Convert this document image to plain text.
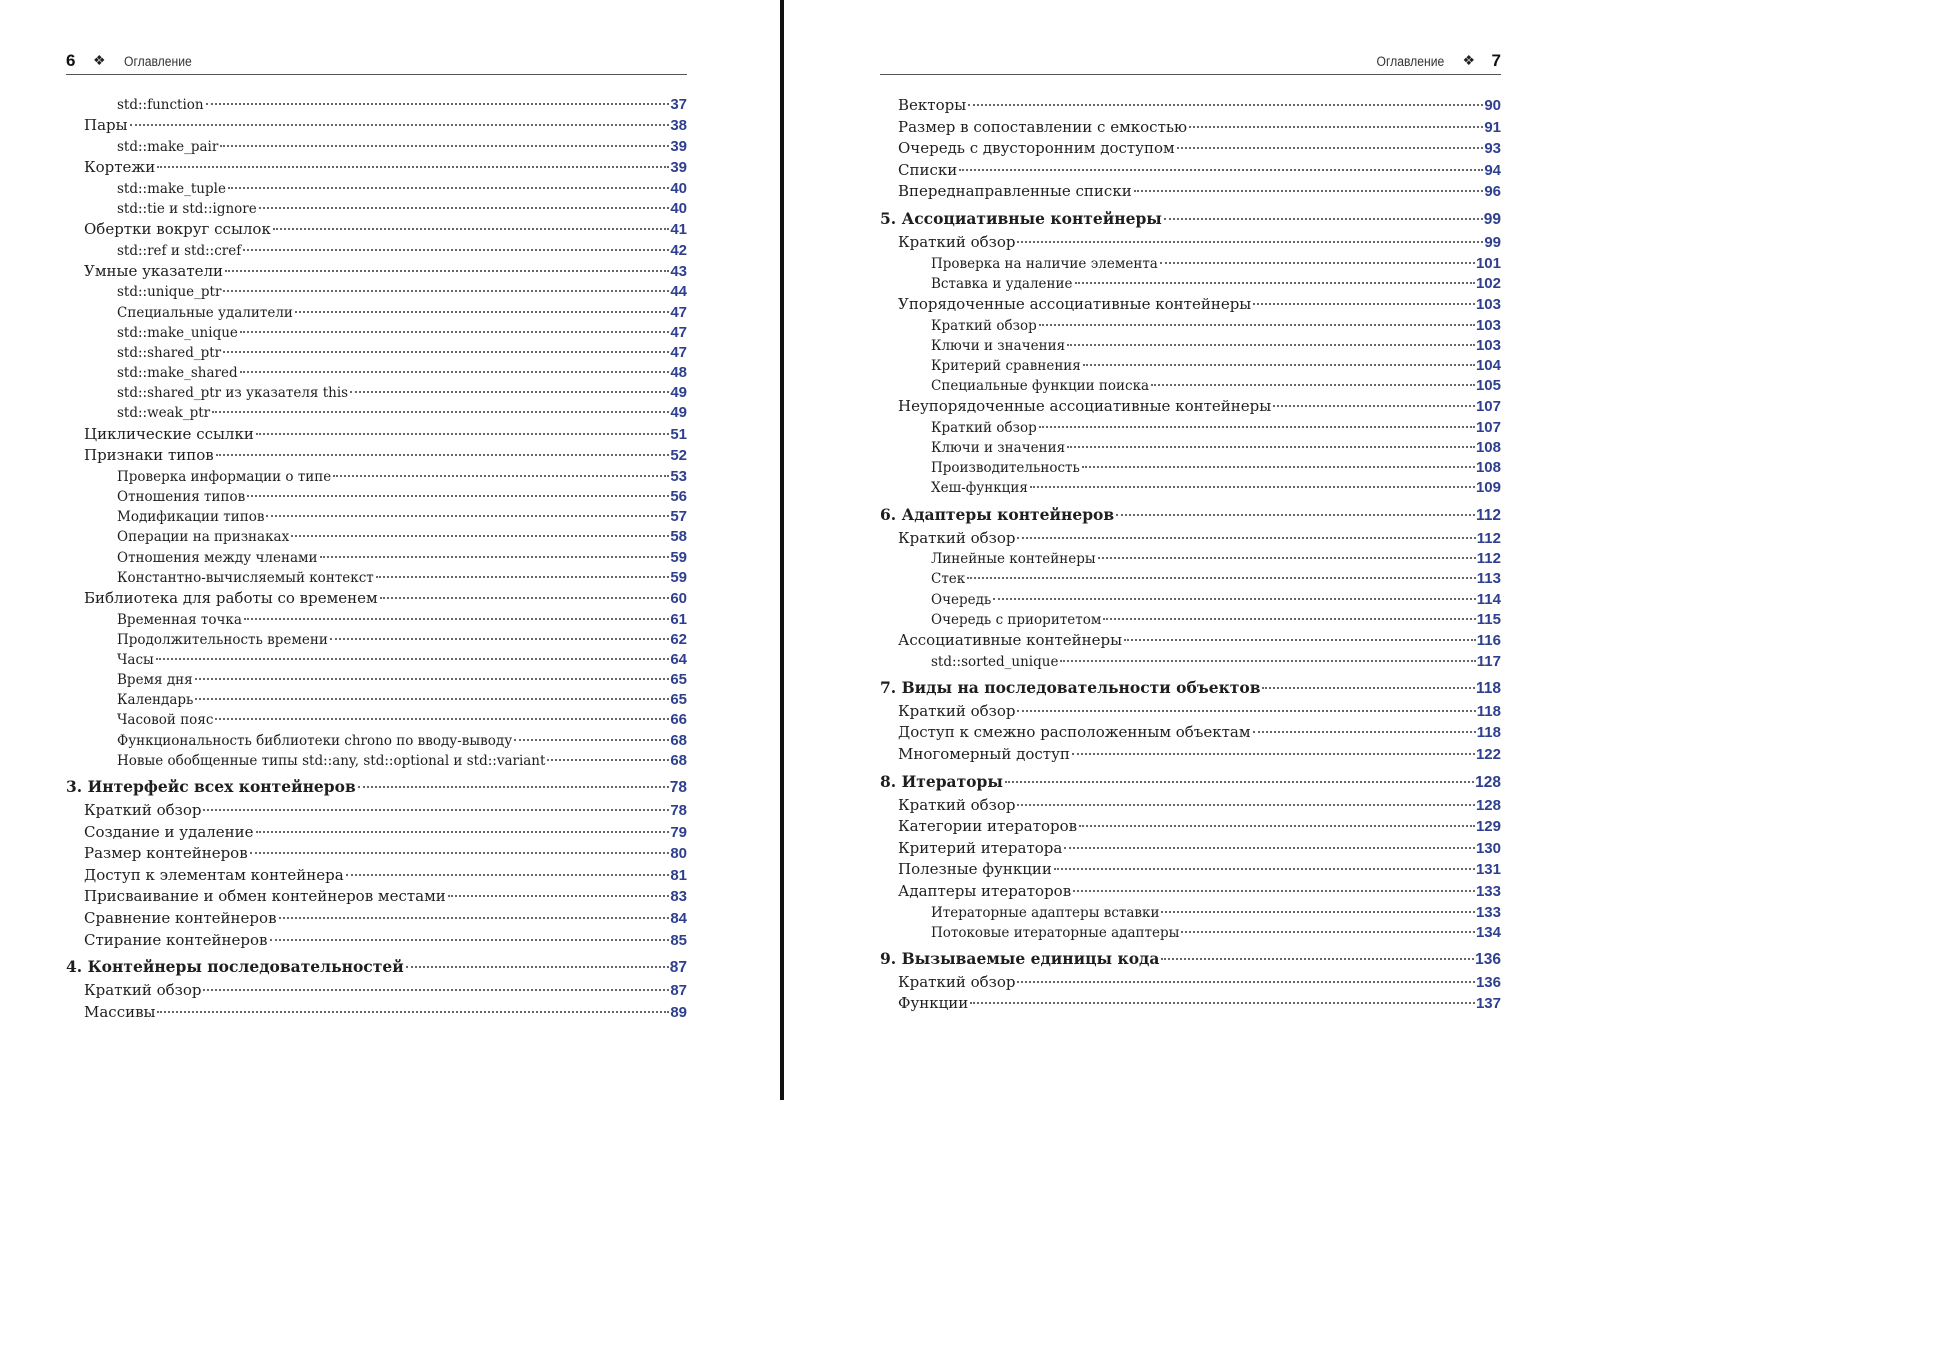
6 ❖ Оглавление
std::function	37
Пары	38
std::make_pair	39
Кортежи	39
std::make_tuple	40
std::tie и std::ignore	40
Обертки вокруг ссылок	41
std::ref и std::cref	42
Умные указатели	43
std::unique_ptr	44
Специальные удалители	47
std::make_unique	47
std::shared_ptr	47
std::make_shared	48
std::shared_ptr из указателя this	49
std::weak_ptr	49
Циклические ссылки	51
Признаки типов	52
Проверка информации о типе	53
Отношения типов	56
Модификации типов	57
Операции на признаках	58
Отношения между членами	59
Константно-вычисляемый контекст	59
Библиотека для работы со временем	60
Временная точка	61
Продолжительность времени	62
Часы	64
Время дня	65
Календарь	65
Часовой пояс	66
Функциональность библиотеки chrono по вводу-выводу	68
Новые обобщенные типы std::any, std::optional и std::variant	68
3. Интерфейс всех контейнеров	78
Краткий обзор	78
Создание и удаление	79
Размер контейнеров	80
Доступ к элементам контейнера	81
Присваивание и обмен контейнеров местами	83
Сравнение контейнеров	84
Стирание контейнеров	85
4. Контейнеры последовательностей	87
Краткий обзор	87
Массивы	89
7
❖
Оглавление
Векторы	90
Размер в сопоставлении с емкостью	91
Очередь с двусторонним доступом	93
Списки	94
Впереднаправленные списки	96
5. Ассоциативные контейнеры	99
Краткий обзор	99
Проверка на наличие элемента	101
Вставка и удаление	102
Упорядоченные ассоциативные контейнеры	103
Краткий обзор	103
Ключи и значения	103
Критерий сравнения	104
Специальные функции поиска	105
Неупорядоченные ассоциативные контейнеры	107
Краткий обзор	107
Ключи и значения	108
Производительность	108
Хеш-функция	109
6. Адаптеры контейнеров	112
Краткий обзор	112
Линейные контейнеры	112
Стек	113
Очередь	114
Очередь с приоритетом	115
Ассоциативные контейнеры	116
std::sorted_unique	117
7. Виды на последовательности объектов	118
Краткий обзор	118
Доступ к смежно расположенным объектам	118
Многомерный доступ	122
8. Итераторы	128
Краткий обзор	128
Категории итераторов	129
Критерий итератора	130
Полезные функции	131
Адаптеры итераторов	133
Итераторные адаптеры вставки	133
Потоковые итераторные адаптеры	134
9. Вызываемые единицы кода	136
Краткий обзор	136
Функции	137
